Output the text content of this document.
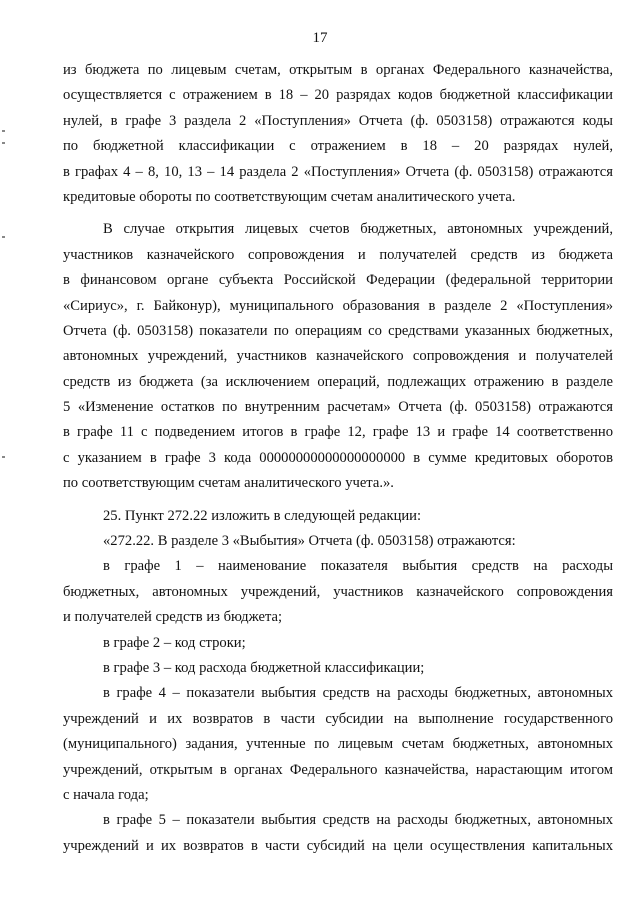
17
из бюджета по лицевым счетам, открытым в органах Федерального казначейства,
осуществляется с отражением в 18 – 20 разрядах кодов бюджетной классификации
нулей, в графе 3 раздела 2 «Поступления» Отчета (ф. 0503158) отражаются коды
по бюджетной классификации с отражением в 18 – 20 разрядах нулей,
в графах 4 – 8, 10, 13 – 14 раздела 2 «Поступления» Отчета (ф. 0503158) отражаются
кредитовые обороты по соответствующим счетам аналитического учета.
В случае открытия лицевых счетов бюджетных, автономных учреждений,
участников казначейского сопровождения и получателей средств из бюджета
в финансовом органе субъекта Российской Федерации (федеральной территории
«Сириус», г. Байконур), муниципального образования в разделе 2 «Поступления»
Отчета (ф. 0503158) показатели по операциям со средствами указанных бюджетных,
автономных учреждений, участников казначейского сопровождения и получателей
средств из бюджета (за исключением операций, подлежащих отражению в разделе
5 «Изменение остатков по внутренним расчетам» Отчета (ф. 0503158) отражаются
в графе 11 с подведением итогов в графе 12, графе 13 и графе 14 соответственно
с указанием в графе 3 кода 00000000000000000000 в сумме кредитовых оборотов
по соответствующим счетам аналитического учета.».
25. Пункт 272.22 изложить в следующей редакции:
«272.22. В разделе 3 «Выбытия» Отчета (ф. 0503158) отражаются:
в графе 1 – наименование показателя выбытия средств на расходы
бюджетных, автономных учреждений, участников казначейского сопровождения
и получателей средств из бюджета;
в графе 2 – код строки;
в графе 3 – код расхода бюджетной классификации;
в графе 4 – показатели выбытия средств на расходы бюджетных, автономных
учреждений и их возвратов в части субсидии на выполнение государственного
(муниципального) задания, учтенные по лицевым счетам бюджетных, автономных
учреждений, открытым в органах Федерального казначейства, нарастающим итогом
с начала года;
в графе 5 – показатели выбытия средств на расходы бюджетных, автономных
учреждений и их возвратов в части субсидий на цели осуществления капитальных
